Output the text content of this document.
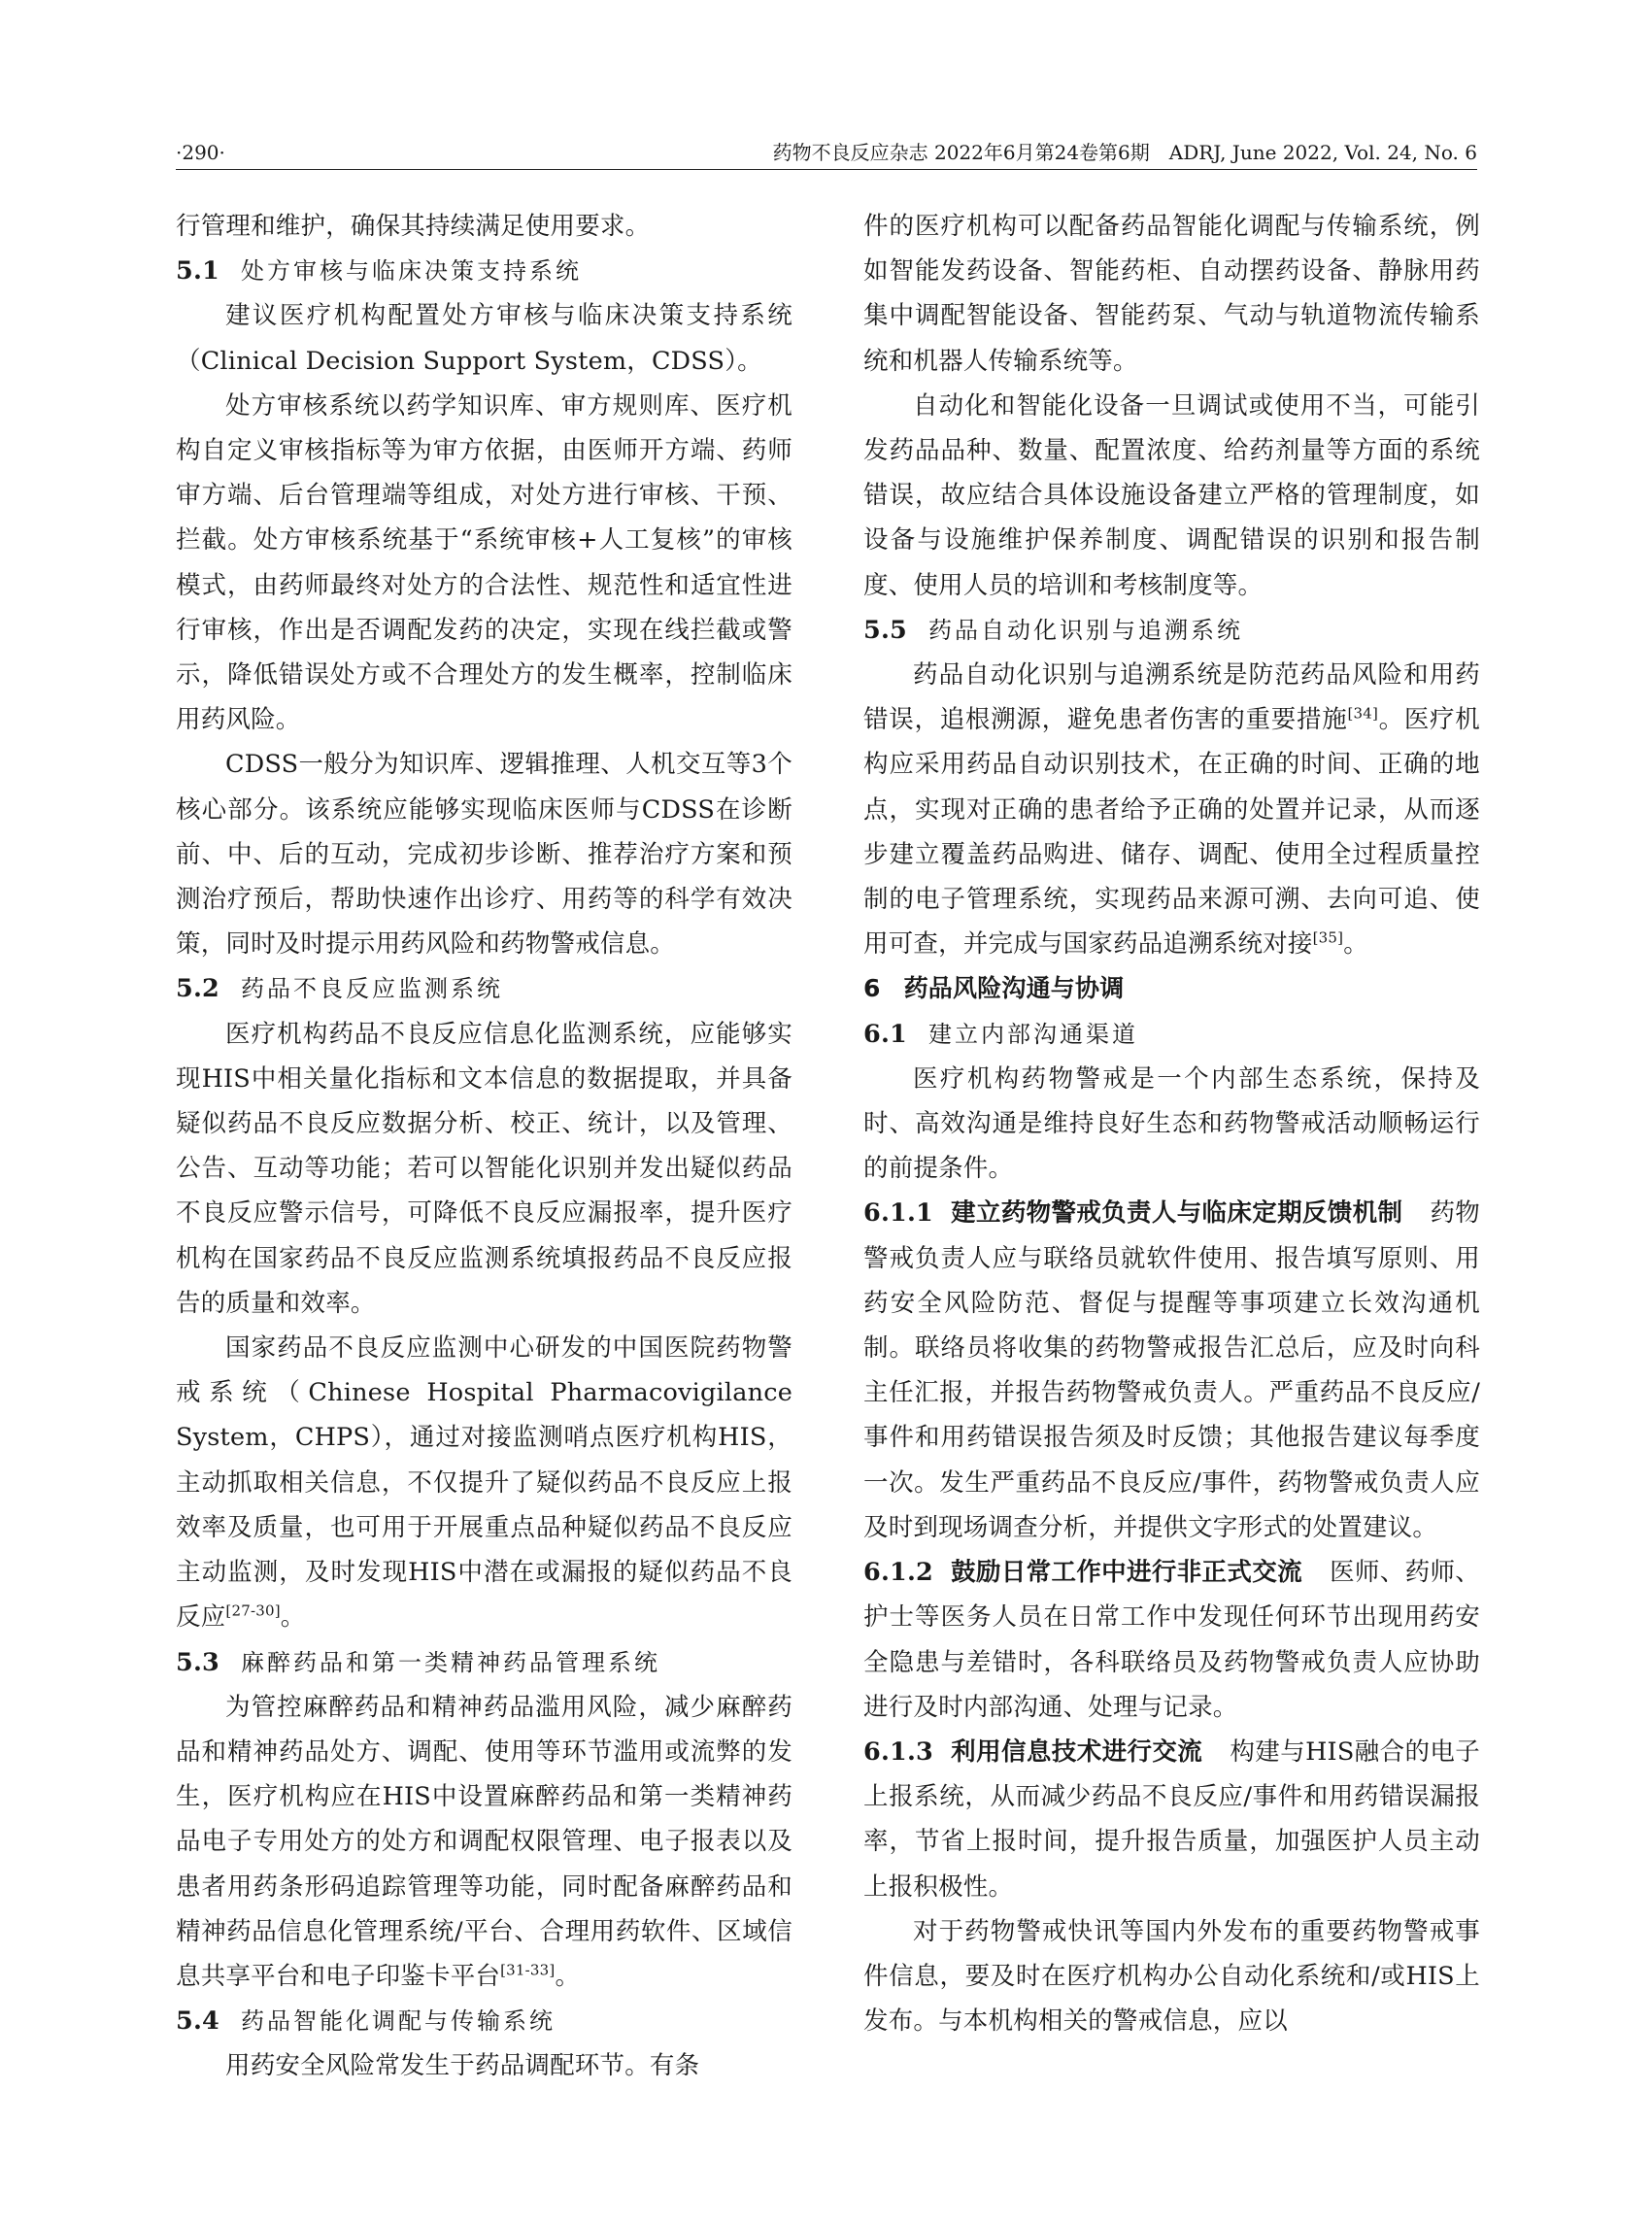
·290·	药物不良反应杂志 2022年6月第24卷第6期　ADRJ, June 2022, Vol. 24, No. 6

行管理和维护，确保其持续满足使用要求。

5.1 处方审核与临床决策支持系统

建议医疗机构配置处方审核与临床决策支持系统（Clinical Decision Support System，CDSS）。

处方审核系统以药学知识库、审方规则库、医疗机构自定义审核指标等为审方依据，由医师开方端、药师审方端、后台管理端等组成，对处方进行审核、干预、拦截。处方审核系统基于“系统审核+人工复核”的审核模式，由药师最终对处方的合法性、规范性和适宜性进行审核，作出是否调配发药的决定，实现在线拦截或警示，降低错误处方或不合理处方的发生概率，控制临床用药风险。

CDSS一般分为知识库、逻辑推理、人机交互等3个核心部分。该系统应能够实现临床医师与CDSS在诊断前、中、后的互动，完成初步诊断、推荐治疗方案和预测治疗预后，帮助快速作出诊疗、用药等的科学有效决策，同时及时提示用药风险和药物警戒信息。

5.2 药品不良反应监测系统

医疗机构药品不良反应信息化监测系统，应能够实现HIS中相关量化指标和文本信息的数据提取，并具备疑似药品不良反应数据分析、校正、统计，以及管理、公告、互动等功能；若可以智能化识别并发出疑似药品不良反应警示信号，可降低不良反应漏报率，提升医疗机构在国家药品不良反应监测系统填报药品不良反应报告的质量和效率。

国家药品不良反应监测中心研发的中国医院药物警戒系统（Chinese Hospital Pharmacovigilance System，CHPS），通过对接监测哨点医疗机构HIS，主动抓取相关信息，不仅提升了疑似药品不良反应上报效率及质量，也可用于开展重点品种疑似药品不良反应主动监测，及时发现HIS中潜在或漏报的疑似药品不良反应[27-30]。

5.3 麻醉药品和第一类精神药品管理系统

为管控麻醉药品和精神药品滥用风险，减少麻醉药品和精神药品处方、调配、使用等环节滥用或流弊的发生，医疗机构应在HIS中设置麻醉药品和第一类精神药品电子专用处方的处方和调配权限管理、电子报表以及患者用药条形码追踪管理等功能，同时配备麻醉药品和精神药品信息化管理系统/平台、合理用药软件、区域信息共享平台和电子印鉴卡平台[31-33]。

5.4 药品智能化调配与传输系统

用药安全风险常发生于药品调配环节。有条

件的医疗机构可以配备药品智能化调配与传输系统，例如智能发药设备、智能药柜、自动摆药设备、静脉用药集中调配智能设备、智能药泵、气动与轨道物流传输系统和机器人传输系统等。

自动化和智能化设备一旦调试或使用不当，可能引发药品品种、数量、配置浓度、给药剂量等方面的系统错误，故应结合具体设施设备建立严格的管理制度，如设备与设施维护保养制度、调配错误的识别和报告制度、使用人员的培训和考核制度等。

5.5 药品自动化识别与追溯系统

药品自动化识别与追溯系统是防范药品风险和用药错误，追根溯源，避免患者伤害的重要措施[34]。医疗机构应采用药品自动识别技术，在正确的时间、正确的地点，实现对正确的患者给予正确的处置并记录，从而逐步建立覆盖药品购进、储存、调配、使用全过程质量控制的电子管理系统，实现药品来源可溯、去向可追、使用可查，并完成与国家药品追溯系统对接[35]。

6 药品风险沟通与协调
6.1 建立内部沟通渠道

医疗机构药物警戒是一个内部生态系统，保持及时、高效沟通是维持良好生态和药物警戒活动顺畅运行的前提条件。

6.1.1 建立药物警戒负责人与临床定期反馈机制 药物警戒负责人应与联络员就软件使用、报告填写原则、用药安全风险防范、督促与提醒等事项建立长效沟通机制。联络员将收集的药物警戒报告汇总后，应及时向科主任汇报，并报告药物警戒负责人。严重药品不良反应/事件和用药错误报告须及时反馈；其他报告建议每季度一次。发生严重药品不良反应/事件，药物警戒负责人应及时到现场调查分析，并提供文字形式的处置建议。

6.1.2 鼓励日常工作中进行非正式交流 医师、药师、护士等医务人员在日常工作中发现任何环节出现用药安全隐患与差错时，各科联络员及药物警戒负责人应协助进行及时内部沟通、处理与记录。

6.1.3 利用信息技术进行交流 构建与HIS融合的电子上报系统，从而减少药品不良反应/事件和用药错误漏报率，节省上报时间，提升报告质量，加强医护人员主动上报积极性。

对于药物警戒快讯等国内外发布的重要药物警戒事件信息，要及时在医疗机构办公自动化系统和/或HIS上发布。与本机构相关的警戒信息，应以
